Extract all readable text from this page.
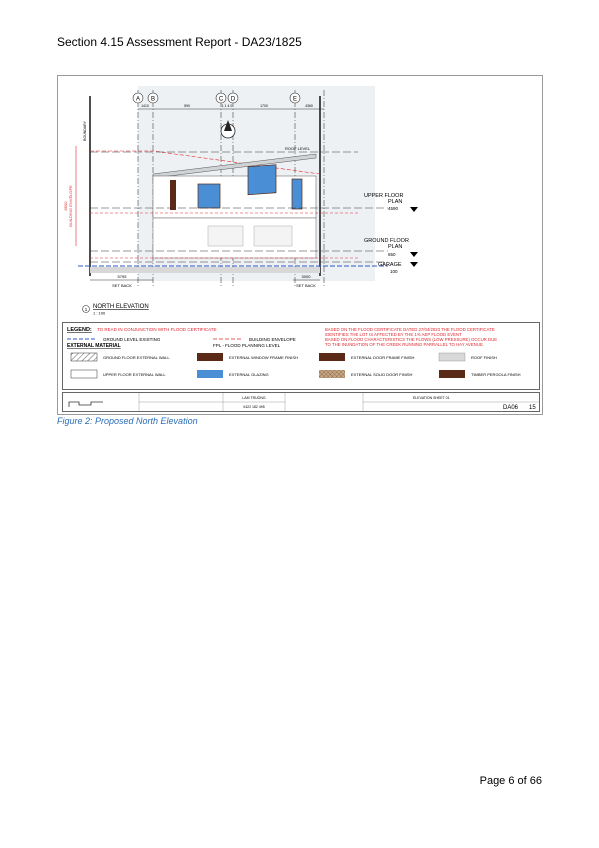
Section 4.15 Assessment Report - DA23/1825
A B	C D	E
1410	590	1 1 4 0	1700	4360
BUILDING ENVELOPE
8500
BOUNDARY
ROOF LEVEL
UPPER FLOOR
PLAN
4590
GROUND FLOOR
PLAN
650
GARAGE
100
5795
SET BACK
3000
SET BACK
1 NORTH ELEVATION
1 : 100
LEGEND: TO READ IN CONJUNCTION WITH FLOOD CERTIFICATE
GROUND LEVEL EXISTING	BUILDING ENVELOPE
FPL - FLOOD PLANNING LEVEL
EXTERNAL MATERIAL
BASED ON THE FLOOD CERTIFICATE DATED 27/04/2023 THE FLOOD CERTIFICATE
IDENTIFIES THE LOT IS AFFECTED BY THE 1% AEP FLOOD EVENT
BASED ON FLOOD CHARACTERISTICS THE FLOWS (LOW PRESSURE) OCCUR DUE
TO THE INUNDATION OF THE CREEK RUNNING PARRALLEL TO HAY AVENUE.
GROUND FLOOR EXTERNAL WALL	EXTERNAL WINDOW FRAME FINISH	EXTERNAL DOOR FRAME FINISH	ROOF FINISH
UPPER FLOOR EXTERNAL WALL	EXTERNAL GLAZING	EXTERNAL SOLID DOOR FINISH	TIMBER PERGOLA FINISH
LAM TRUONG
0422 182 495
ELEVATION SHEET 01
DA06 15
Figure 2: Proposed North Elevation
Page 6 of 66
